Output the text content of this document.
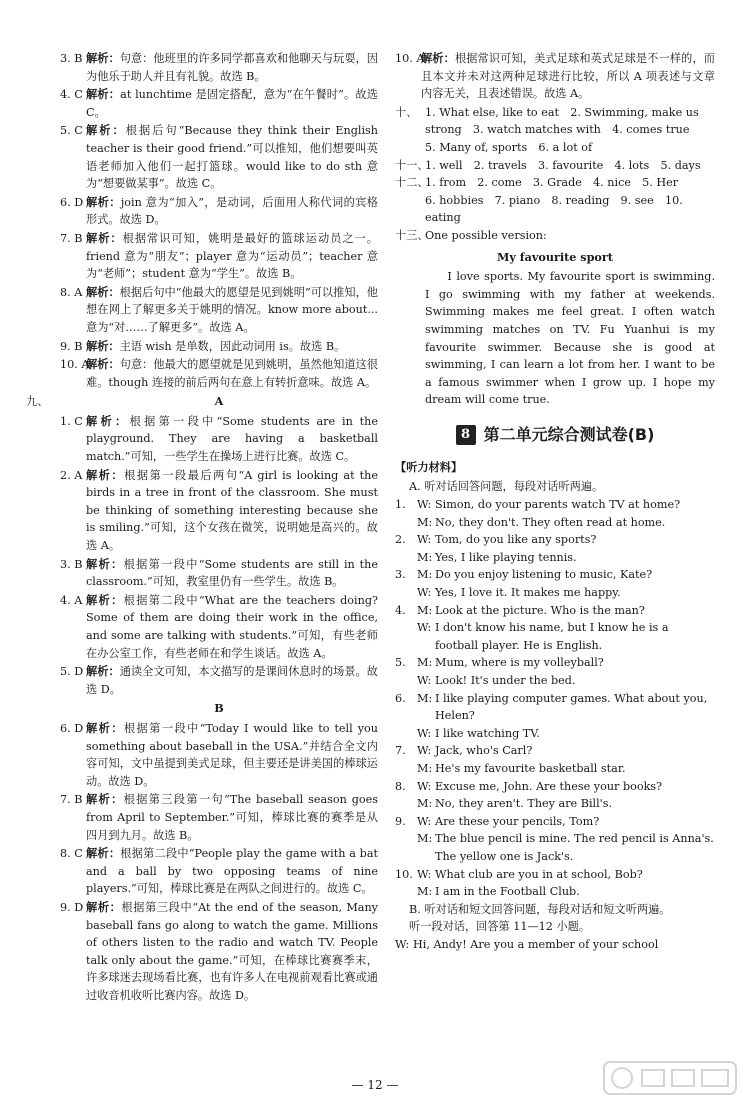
3. B 解析：句意：他班里的许多同学都喜欢和他聊天与玩耍，因为他乐于助人并且有礼貌。故选 B。
4. C 解析：at lunchtime 是固定搭配，意为“在午餐时”。故选 C。
5. C 解析：根据后句“Because they think their English teacher is their good friend.”可以推知，他们想要叫英语老师加入他们一起打篮球。would like to do sth 意为“想要做某事”。故选 C。
6. D 解析：join 意为“加入”，是动词，后面用人称代词的宾格形式。故选 D。
7. B 解析：根据常识可知，姚明是最好的篮球运动员之一。friend 意为“朋友”；player 意为“运动员”；teacher 意为“老师”；student 意为“学生”。故选 B。
8. A 解析：根据后句中“他最大的愿望是见到姚明”可以推知，他想在网上了解更多关于姚明的情况。know more about... 意为“对……了解更多”。故选 A。
9. B 解析：主语 wish 是单数，因此动词用 is。故选 B。
10. A
解析：句意：他最大的愿望就是见到姚明，虽然他知道这很难。though 连接的前后两句在意上有转折意味。故选 A。
九、	A
1. C 解析：根据第一段中“Some students are in the playground. They are having a basketball match.”可知，一些学生在操场上进行比赛。故选 C。
2. A 解析：根据第一段最后两句“A girl is looking at the birds in a tree in front of the classroom. She must be thinking of something interesting because she is smiling.”可知，这个女孩在微笑，说明她是高兴的。故选 A。
3. B 解析：根据第一段中“Some students are still in the classroom.”可知，教室里仍有一些学生。故选 B。
4. A 解析：根据第二段中“What are the teachers doing? Some of them are doing their work in the office, and some are talking with students.”可知，有些老师在办公室工作，有些老师在和学生谈话。故选 A。
5. D 解析：通读全文可知，本文描写的是课间休息时的场景。故选 D。
B
6. D 解析：根据第一段中“Today I would like to tell you something about baseball in the USA.”并结合全文内容可知，文中虽提到美式足球，但主要还是讲美国的棒球运动。故选 D。
7. B 解析：根据第三段第一句“The baseball season goes from April to September.”可知，棒球比赛的赛季是从四月到九月。故选 B。
8. C 解析：根据第二段中“People play the game with a bat and a ball by two opposing teams of nine players.”可知，棒球比赛是在两队之间进行的。故选 C。
9. D 解析：根据第三段中“At the end of the season, Many baseball fans go along to watch the game. Millions of others listen to the radio and watch TV. People talk only about the game.”可知，在棒球比赛赛季末，许多球迷去现场看比赛，也有许多人在电视前观看比赛或通过收音机收听比赛内容。故选 D。
10. A
解析：根据常识可知，美式足球和英式足球是不一样的，而且本文并未对这两种足球进行比较，所以 A 项表述与文章内容无关，且表述错误。故选 A。
十、 1. What else, like to eat　2. Swimming, make us strong　3. watch matches with　4. comes true
5. Many of, sports　6. a lot of
十一、
1. well　2. travels　3. favourite　4. lots　5. days
十二、
1. from　2. come　3. Grade　4. nice　5. Her
6. hobbies　7. piano　8. reading　9. see　10. eating
十三、
One possible version:
My favourite sport
I love sports. My favourite sport is swimming. I go swimming with my father at weekends. Swimming makes me feel great. I often watch swimming matches on TV. Fu Yuanhui is my favourite swimmer. Because she is good at swimming, I can learn a lot from her. I want to be a famous swimmer when I grow up. I hope my dream will come true.
8 第二单元综合测试卷(B)
【听力材料】
A. 听对话回答问题，每段对话听两遍。
1. W: Simon, do your parents watch TV at home?
M: No, they don't. They often read at home.
2. W: Tom, do you like any sports?
M: Yes, I like playing tennis.
3. M: Do you enjoy listening to music, Kate?
W: Yes, I love it. It makes me happy.
4. M: Look at the picture. Who is the man?
W: I don't know his name, but I know he is a football player. He is English.
5. M: Mum, where is my volleyball?
W: Look! It's under the bed.
6. M: I like playing computer games. What about you, Helen?
W: I like watching TV.
7. W: Jack, who's Carl?
M: He's my favourite basketball star.
8. W: Excuse me, John. Are these your books?
M: No, they aren't. They are Bill's.
9. W: Are these your pencils, Tom?
M: The blue pencil is mine. The red pencil is Anna's. The yellow one is Jack's.
10. W: What club are you in at school, Bob?
M: I am in the Football Club.
B. 听对话和短文回答问题，每段对话和短文听两遍。
听一段对话，回答第 11—12 小题。
W: Hi, Andy! Are you a member of your school
— 12 —
